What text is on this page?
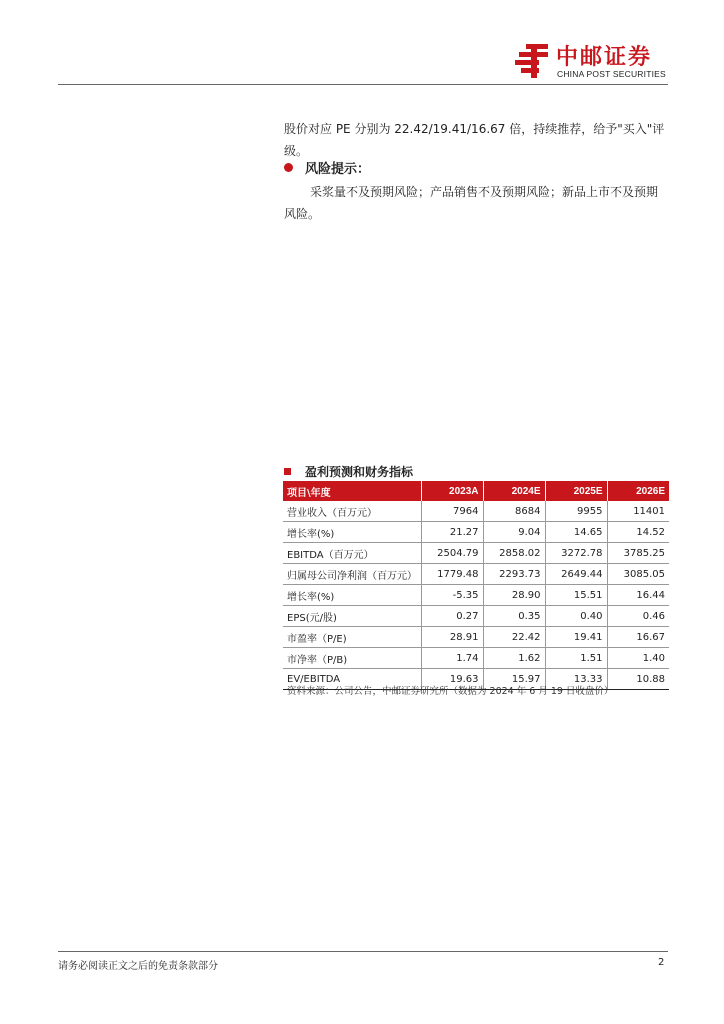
中邮证券
CHINA POST SECURITIES
股价对应 PE 分别为 22.42/19.41/16.67 倍，持续推荐，给予"买入"评
级。
风险提示：
采浆量不及预期风险；产品销售不及预期风险；新品上市不及预期风险。
盈利预测和财务指标
项目\年度	2023A	2024E	2025E	2026E
营业收入（百万元）	7964	8684	9955	11401
增长率(%)	21.27	9.04	14.65	14.52
EBITDA（百万元）	2504.79	2858.02	3272.78	3785.25
归属母公司净利润（百万元）	1779.48	2293.73	2649.44	3085.05
增长率(%)	-5.35	28.90	15.51	16.44
EPS(元/股)	0.27	0.35	0.40	0.46
市盈率（P/E)	28.91	22.42	19.41	16.67
市净率（P/B)	1.74	1.62	1.51	1.40
EV/EBITDA	19.63	15.97	13.33	10.88
资料来源：公司公告，中邮证券研究所（数据为 2024 年 6 月 19 日收盘价）
请务必阅读正文之后的免责条款部分	2
